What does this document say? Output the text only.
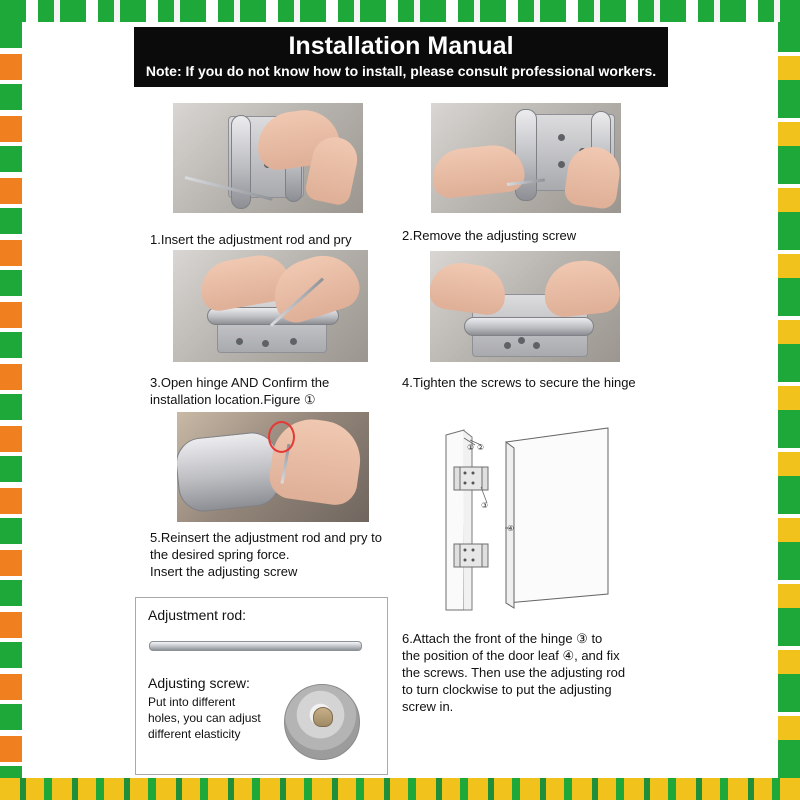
Installation Manual
Note: If you do not know how to install, please consult professional workers.
1.Insert the adjustment rod and pry	2.Remove the adjusting screw
3.Open hinge AND Confirm the
installation location.Figure ①
4.Tighten the screws to secure the hinge
5.Reinsert the adjustment rod and pry to
the desired spring force.
Insert the adjusting screw
6.Attach the front of the hinge ③ to
the position of the door leaf ④, and fix
the screws. Then use the adjusting rod
to turn clockwise to put the adjusting
screw in.
① ②
③
④
Adjustment rod:
Adjusting screw:
Put into different
holes, you can adjust
different elasticity
